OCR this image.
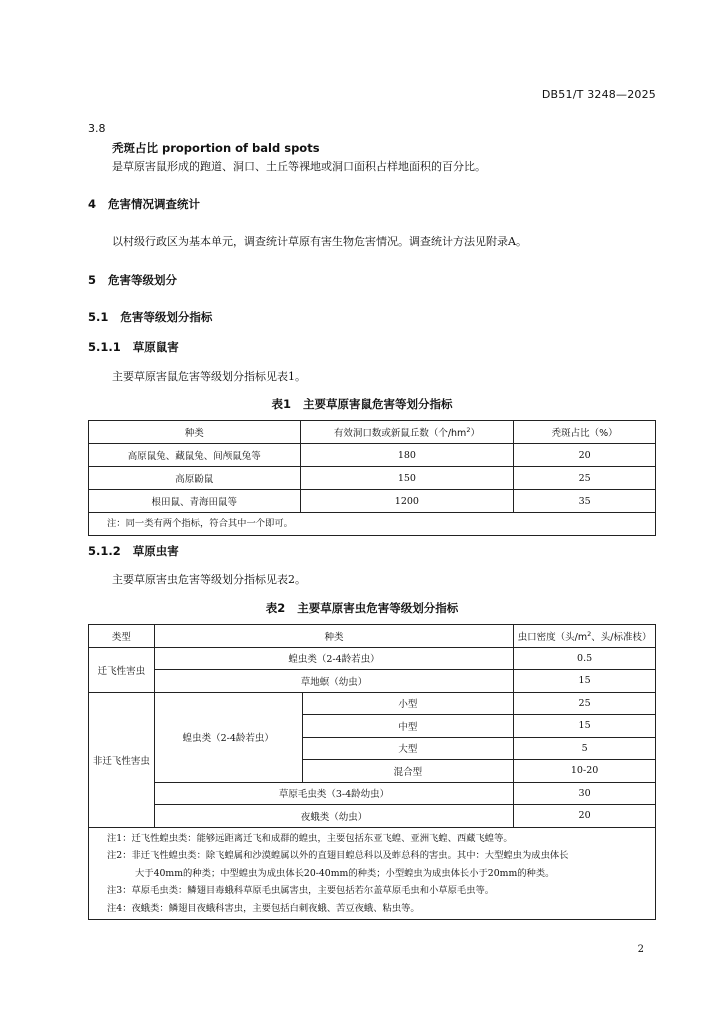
DB51/T 3248—2025
3.8
秃斑占比 proportion of bald spots
是草原害鼠形成的跑道、洞口、土丘等裸地或洞口面积占样地面积的百分比。
4   危害情况调查统计
以村级行政区为基本单元，调查统计草原有害生物危害情况。调查统计方法见附录A。
5   危害等级划分
5.1   危害等级划分指标
5.1.1   草原鼠害
主要草原害鼠危害等级划分指标见表1。
表1   主要草原害鼠危害等划分指标
种类	有效洞口数或新鼠丘数（个$/hm^2$）	秃斑占比（%）
高原鼠兔、藏鼠兔、间颅鼠兔等	180	20
高原鼢鼠	150	25
根田鼠、青海田鼠等	1200	35
注：同一类有两个指标，符合其中一个即可。		
5.1.2   草原虫害
主要草原害虫危害等级划分指标见表2。
表2   主要草原害虫危害等级划分指标
类型	种类		虫口密度（头$/m^2$、头/标准枝）
迁飞性害虫	蝗虫类（2-4龄若虫）		0.5
	草地螟（幼虫）		15
非迁飞性害虫	蝗虫类（2-4龄若虫）	小型	25
		中型	15
		大型	5
		混合型	10-20
	草原毛虫类（3-4龄幼虫）		30
	夜蛾类（幼虫）		20

注1：迁飞性蝗虫类：能够远距离迁飞和成群的蝗虫，主要包括东亚飞蝗、亚洲飞蝗、西藏飞蝗等。
注2：非迁飞性蝗虫类：除飞蝗属和沙漠蝗属以外的直翅目蝗总科以及蚱总科的害虫。其中：大型蝗虫为成虫体长
大于40mm的种类；中型蝗虫为成虫体长20-40mm的种类；小型蝗虫为成虫体长小于20mm的种类。
注3：草原毛虫类：鳞翅目毒蛾科草原毛虫属害虫，主要包括若尔盖草原毛虫和小草原毛虫等。
注4：夜蛾类：鳞翅目夜蛾科害虫，主要包括白刺夜蛾、苦豆夜蛾、粘虫等。			
2
